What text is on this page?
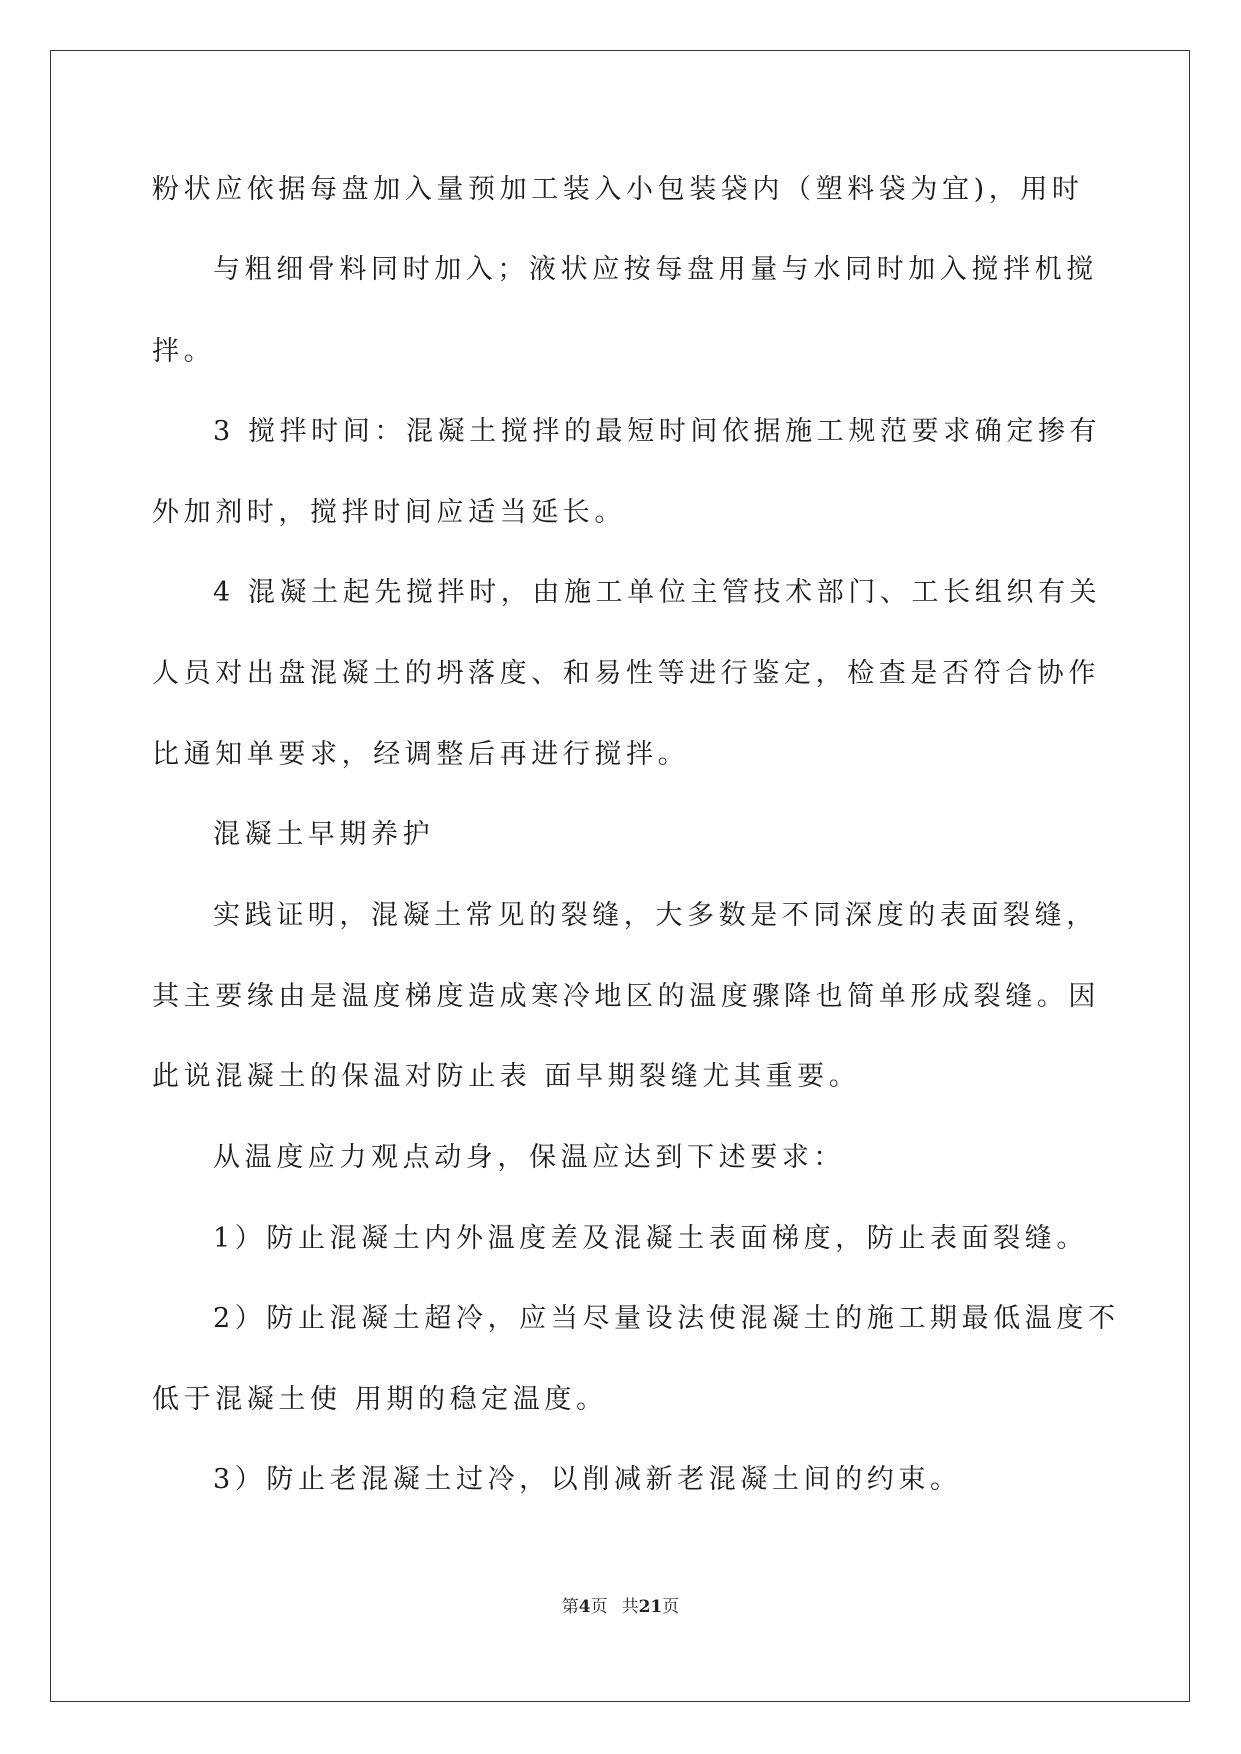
粉状应依据每盘加入量预加工装入小包装袋内（塑料袋为宜)，用时
与粗细骨料同时加入；液状应按每盘用量与水同时加入搅拌机搅
拌。
3 搅拌时间：混凝土搅拌的最短时间依据施工规范要求确定掺有
外加剂时，搅拌时间应适当延长。
4 混凝土起先搅拌时，由施工单位主管技术部门、工长组织有关
人员对出盘混凝土的坍落度、和易性等进行鉴定，检查是否符合协作
比通知单要求，经调整后再进行搅拌。
混凝土早期养护
实践证明，混凝土常见的裂缝，大多数是不同深度的表面裂缝，
其主要缘由是温度梯度造成寒冷地区的温度骤降也简单形成裂缝。因
此说混凝土的保温对防止表 面早期裂缝尤其重要。
从温度应力观点动身，保温应达到下述要求：
1）防止混凝土内外温度差及混凝土表面梯度，防止表面裂缝。
2）防止混凝土超冷，应当尽量设法使混凝土的施工期最低温度不
低于混凝土使 用期的稳定温度。
3）防止老混凝土过冷，以削减新老混凝土间的约束。
第4页 共21页
